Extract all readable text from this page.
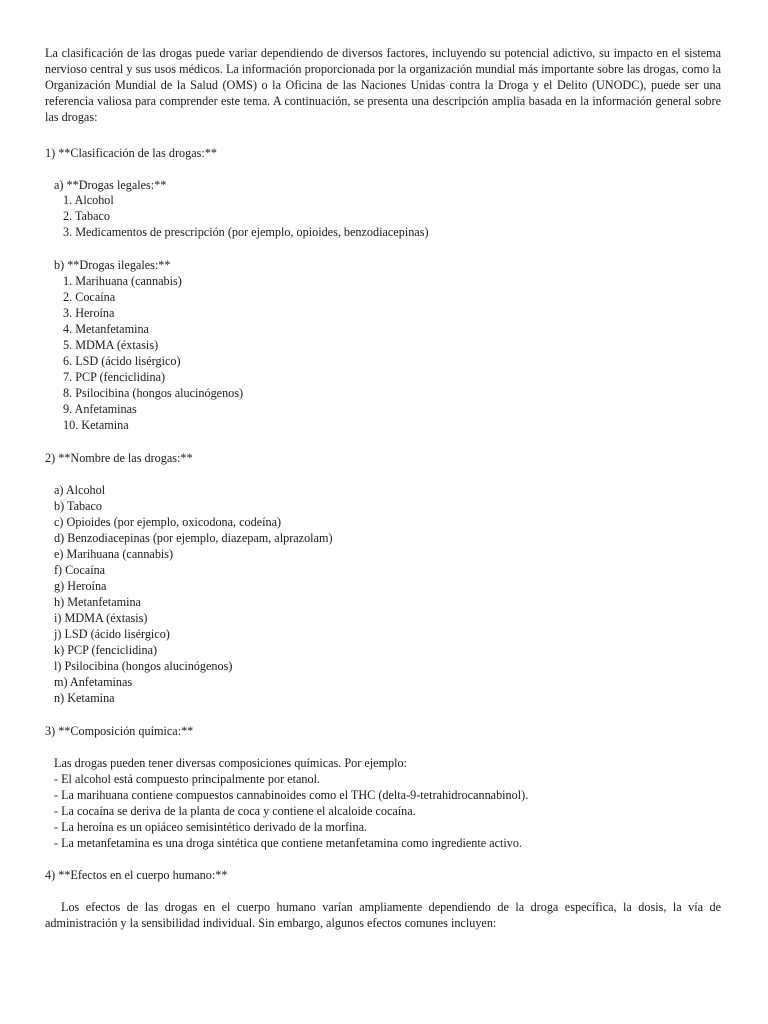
La clasificación de las drogas puede variar dependiendo de diversos factores, incluyendo su potencial adictivo, su impacto en el sistema nervioso central y sus usos médicos. La información proporcionada por la organización mundial más importante sobre las drogas, como la Organización Mundial de la Salud (OMS) o la Oficina de las Naciones Unidas contra la Droga y el Delito (UNODC), puede ser una referencia valiosa para comprender este tema. A continuación, se presenta una descripción amplia basada en la información general sobre las drogas:

1) **Clasificación de las drogas:**
a) **Drogas legales:**
1. Alcohol
2. Tabaco
3. Medicamentos de prescripción (por ejemplo, opioides, benzodiacepinas)
b) **Drogas ilegales:**
1. Marihuana (cannabis)
2. Cocaína
3. Heroína
4. Metanfetamina
5. MDMA (éxtasis)
6. LSD (ácido lisérgico)
7. PCP (fenciclidina)
8. Psilocibina (hongos alucinógenos)
9. Anfetaminas
10. Ketamina
2) **Nombre de las drogas:**
a) Alcohol
b) Tabaco
c) Opioides (por ejemplo, oxicodona, codeína)
d) Benzodiacepinas (por ejemplo, diazepam, alprazolam)
e) Marihuana (cannabis)
f) Cocaína
g) Heroína
h) Metanfetamina
i) MDMA (éxtasis)
j) LSD (ácido lisérgico)
k) PCP (fenciclidina)
l) Psilocibina (hongos alucinógenos)
m) Anfetaminas
n) Ketamina
3) **Composición química:**
Las drogas pueden tener diversas composiciones químicas. Por ejemplo:
- El alcohol está compuesto principalmente por etanol.
- La marihuana contiene compuestos cannabinoides como el THC (delta-9-tetrahidrocannabinol).
- La cocaína se deriva de la planta de coca y contiene el alcaloide cocaína.
- La heroína es un opiáceo semisintético derivado de la morfina.
- La metanfetamina es una droga sintética que contiene metanfetamina como ingrediente activo.
4) **Efectos en el cuerpo humano:**

Los efectos de las drogas en el cuerpo humano varían ampliamente dependiendo de la droga específica, la dosis, la vía de administración y la sensibilidad individual. Sin embargo, algunos efectos comunes incluyen:
